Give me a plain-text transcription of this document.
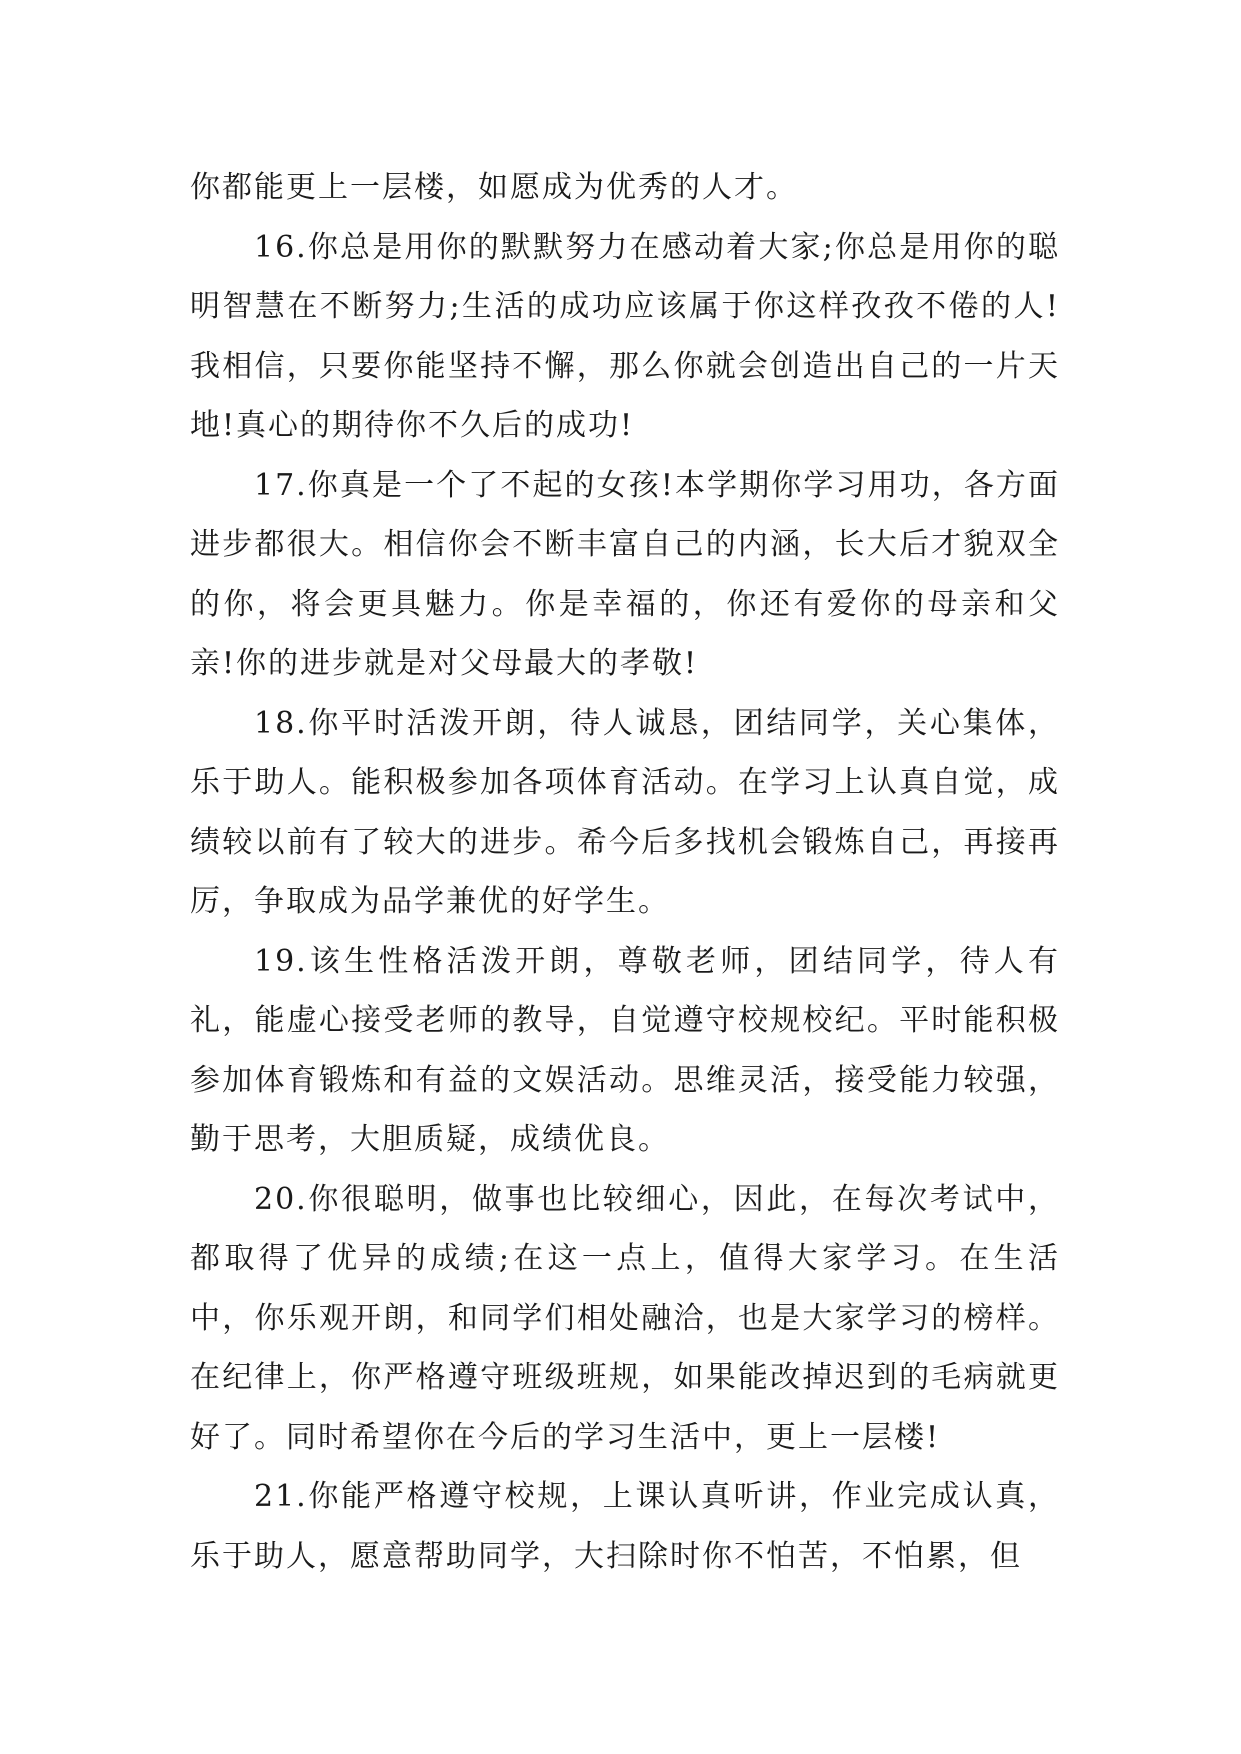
你都能更上一层楼，如愿成为优秀的人才。

16.你总是用你的默默努力在感动着大家;你总是用你的聪明智慧在不断努力;生活的成功应该属于你这样孜孜不倦的人!我相信，只要你能坚持不懈，那么你就会创造出自己的一片天地!真心的期待你不久后的成功!

17.你真是一个了不起的女孩!本学期你学习用功，各方面进步都很大。相信你会不断丰富自己的内涵，长大后才貌双全的你，将会更具魅力。你是幸福的，你还有爱你的母亲和父亲!你的进步就是对父母最大的孝敬!

18.你平时活泼开朗，待人诚恳，团结同学，关心集体，乐于助人。能积极参加各项体育活动。在学习上认真自觉，成绩较以前有了较大的进步。希今后多找机会锻炼自己，再接再厉，争取成为品学兼优的好学生。

19.该生性格活泼开朗，尊敬老师，团结同学，待人有礼，能虚心接受老师的教导，自觉遵守校规校纪。平时能积极参加体育锻炼和有益的文娱活动。思维灵活，接受能力较强，勤于思考，大胆质疑，成绩优良。

20.你很聪明，做事也比较细心，因此，在每次考试中，都取得了优异的成绩;在这一点上，值得大家学习。在生活中，你乐观开朗，和同学们相处融洽，也是大家学习的榜样。在纪律上，你严格遵守班级班规，如果能改掉迟到的毛病就更好了。同时希望你在今后的学习生活中，更上一层楼!

21.你能严格遵守校规，上课认真听讲，作业完成认真，乐于助人，愿意帮助同学，大扫除时你不怕苦，不怕累，但
